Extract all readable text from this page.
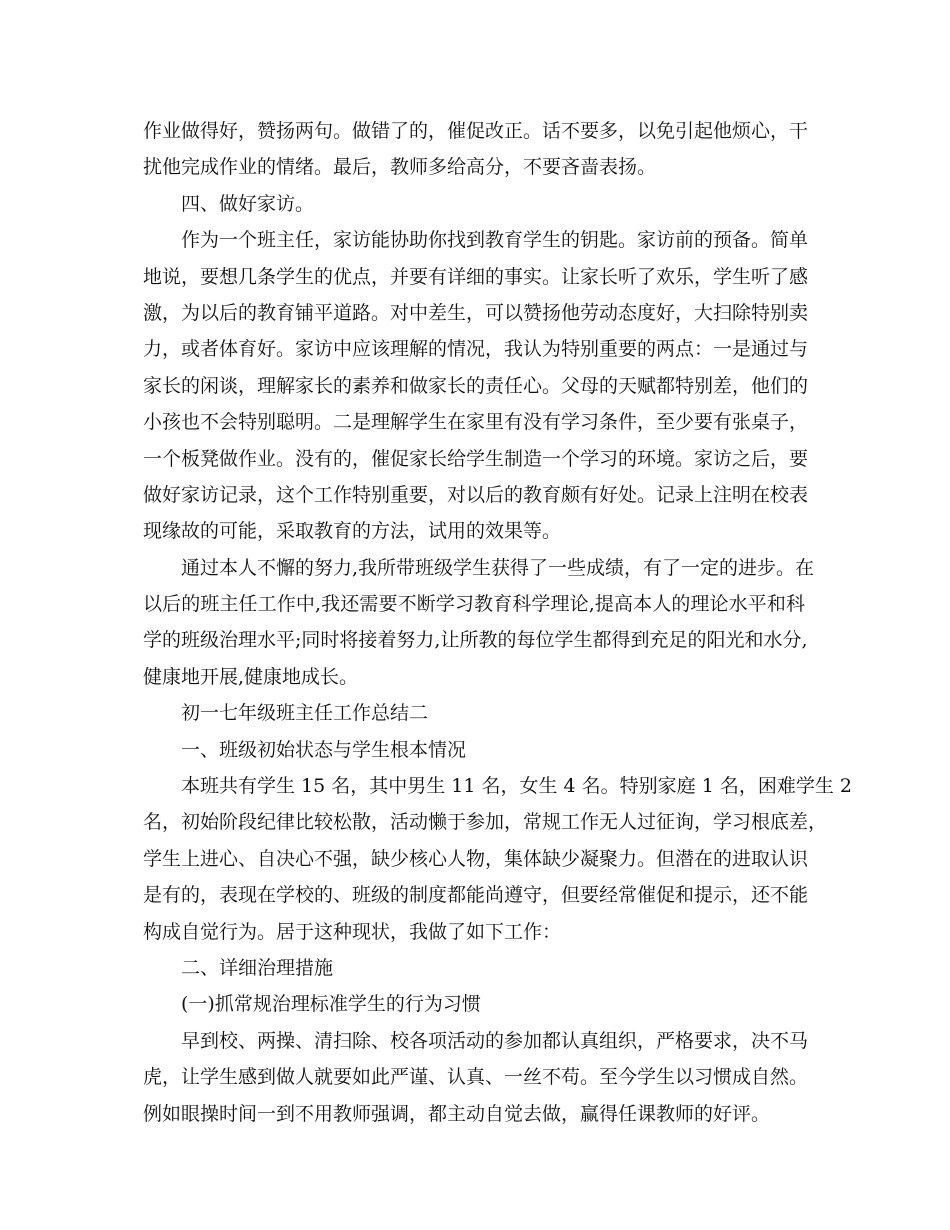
作业做得好，赞扬两句。做错了的，催促改正。话不要多，以免引起他烦心，干
扰他完成作业的情绪。最后，教师多给高分，不要吝啬表扬。
四、做好家访。
作为一个班主任，家访能协助你找到教育学生的钥匙。家访前的预备。简单
地说，要想几条学生的优点，并要有详细的事实。让家长听了欢乐，学生听了感
激，为以后的教育铺平道路。对中差生，可以赞扬他劳动态度好，大扫除特别卖
力，或者体育好。家访中应该理解的情况，我认为特别重要的两点：一是通过与
家长的闲谈，理解家长的素养和做家长的责任心。父母的天赋都特别差，他们的
小孩也不会特别聪明。二是理解学生在家里有没有学习条件，至少要有张桌子，
一个板凳做作业。没有的，催促家长给学生制造一个学习的环境。家访之后，要
做好家访记录，这个工作特别重要，对以后的教育颇有好处。记录上注明在校表
现缘故的可能，采取教育的方法，试用的效果等。
通过本人不懈的努力,我所带班级学生获得了一些成绩，有了一定的进步。在
以后的班主任工作中,我还需要不断学习教育科学理论,提高本人的理论水平和科
学的班级治理水平;同时将接着努力,让所教的每位学生都得到充足的阳光和水分,
健康地开展,健康地成长。
初一七年级班主任工作总结二
一、班级初始状态与学生根本情况
本班共有学生 15 名，其中男生 11 名，女生 4 名。特别家庭 1 名，困难学生 2
名，初始阶段纪律比较松散，活动懒于参加，常规工作无人过征询，学习根底差，
学生上进心、自决心不强，缺少核心人物，集体缺少凝聚力。但潜在的进取认识
是有的，表现在学校的、班级的制度都能尚遵守，但要经常催促和提示，还不能
构成自觉行为。居于这种现状，我做了如下工作：
二、详细治理措施
(一)抓常规治理标准学生的行为习惯
早到校、两操、清扫除、校各项活动的参加都认真组织，严格要求，决不马
虎，让学生感到做人就要如此严谨、认真、一丝不苟。至今学生以习惯成自然。
例如眼操时间一到不用教师强调，都主动自觉去做，赢得任课教师的好评。
